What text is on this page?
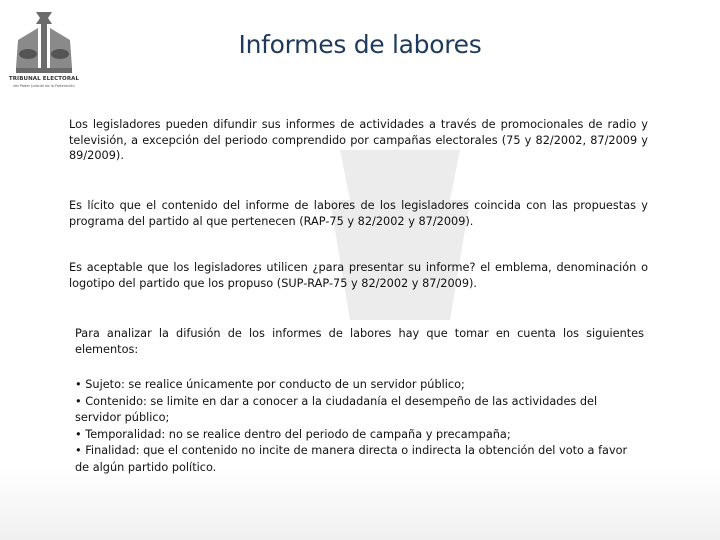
TRIBUNAL ELECTORAL
del Poder Judicial de la Federación
Informes de labores

Los legisladores pueden difundir sus informes de actividades a través de promocionales de radio y televisión, a excepción del periodo comprendido por campañas electorales (75 y 82/2002, 87/2009 y 89/2009).

Es lícito que el contenido del informe de labores de los legisladores coincida con las propuestas y programa del partido al que pertenecen (RAP-75 y 82/2002 y 87/2009).

Es aceptable que los legisladores utilicen ¿para presentar su informe? el emblema, denominación o logotipo del partido que los propuso (SUP-RAP-75 y 82/2002 y 87/2009).

Para analizar la difusión de los informes de labores hay que tomar en cuenta los siguientes elementos:

• Sujeto: se realice únicamente por conducto de un servidor público;
• Contenido: se limite en dar a conocer a la ciudadanía el desempeño de las actividades del servidor público;
• Temporalidad: no se realice dentro del periodo de campaña y precampaña;
• Finalidad: que el contenido no incite de manera directa o indirecta la obtención del voto a favor de algún partido político.
